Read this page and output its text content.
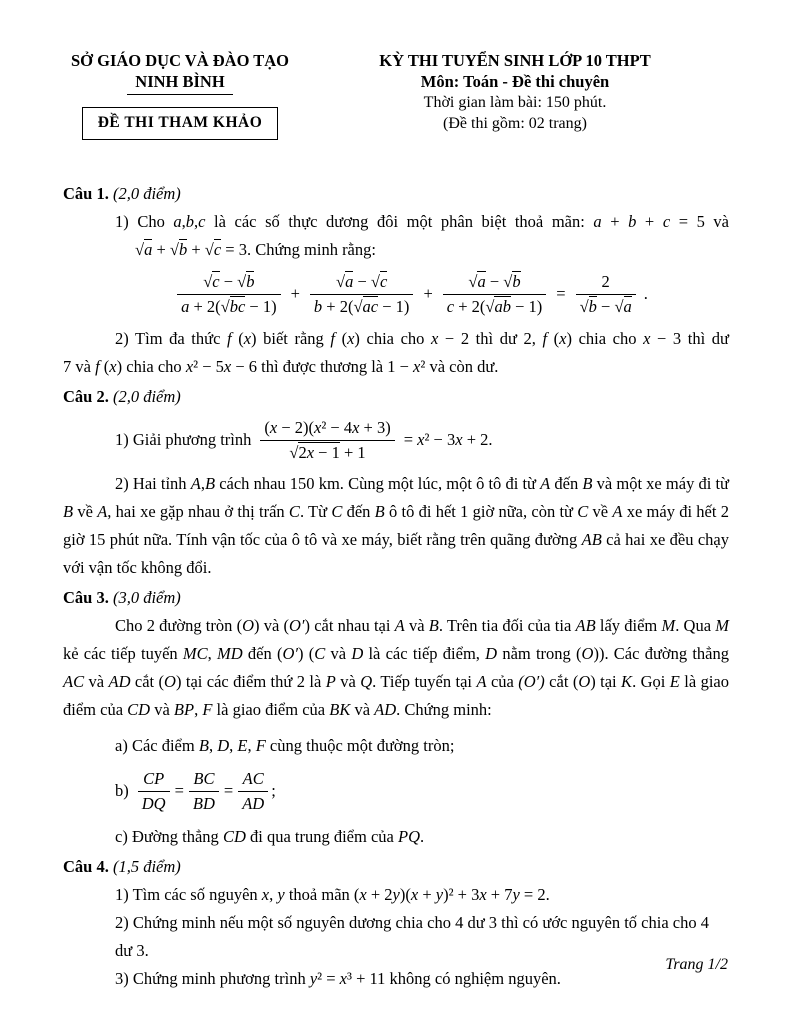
SỞ GIÁO DỤC VÀ ĐÀO TẠO
NINH BÌNH
ĐỀ THI THAM KHẢO
KỲ THI TUYỂN SINH LỚP 10 THPT
Môn: Toán - Đề thi chuyên
Thời gian làm bài: 150 phút.
(Đề thi gồm: 02 trang)
Câu 1. (2,0 điểm)
1) Cho a,b,c là các số thực dương đôi một phân biệt thoả mãn: a + b + c = 5 và
√a + √b + √c = 3. Chứng minh rằng:
$\frac{√c - √b}{a + 2(√bc - 1)} + \frac{√a - √c}{b + 2(√ac - 1)} + \frac{√a - √b}{c + 2(√ab - 1)} = \frac{2}{√b - √a}$ .
2) Tìm đa thức f (x) biết rằng f (x) chia cho x − 2 thì dư 2, f (x) chia cho x − 3 thì dư
7 và f (x) chia cho x² − 5x − 6 thì được thương là 1 − x² và còn dư.
Câu 2. (2,0 điểm)
1) Giải phương trình $\frac{\text{(x − 2)(x² − 4x + 3)}}{√2x - 1 + 1} = x^2 - 3x + 2$.
2) Hai tỉnh A,B cách nhau 150 km. Cùng một lúc, một ô tô đi từ A đến B và một xe máy đi từ B về A, hai xe gặp nhau ở thị trấn C. Từ C đến B ô tô đi hết 1 giờ nữa, còn từ C về A xe máy đi hết 2 giờ 15 phút nữa. Tính vận tốc của ô tô và xe máy, biết rằng trên quãng đường AB cả hai xe đều chạy với vận tốc không đổi.
Câu 3. (3,0 điểm)
Cho 2 đường tròn (O) và (O′) cắt nhau tại A và B. Trên tia đối của tia AB lấy điểm M. Qua M kẻ các tiếp tuyến MC, MD đến (O′) (C và D là các tiếp điểm, D nằm trong (O)). Các đường thẳng AC và AD cắt (O) tại các điểm thứ 2 là P và Q. Tiếp tuyến tại A của (O′) cắt (O) tại K. Gọi E là giao điểm của CD và BP, F là giao điểm của BK và AD. Chứng minh:
a) Các điểm B, D, E, F cùng thuộc một đường tròn;
$b) \frac{CP}{DQ} = \frac{BC}{BD} = \frac{AC}{AD}$ ;
c) Đường thẳng CD đi qua trung điểm của PQ.
Câu 4. (1,5 điểm)
1) Tìm các số nguyên x, y thoả mãn (x + 2y)(x + y)² + 3x + 7y = 2.
2) Chứng minh nếu một số nguyên dương chia cho 4 dư 3 thì có ước nguyên tố chia cho 4 dư 3.
3) Chứng minh phương trình y² = x³ + 11 không có nghiệm nguyên.
Trang 1/2
